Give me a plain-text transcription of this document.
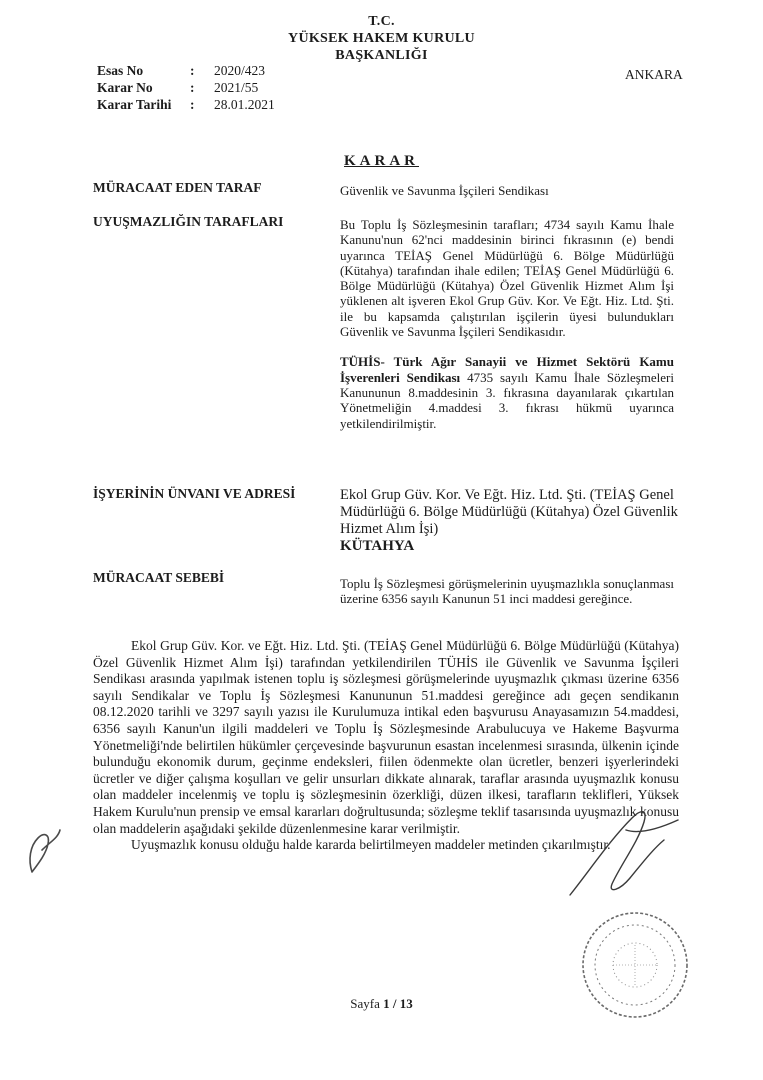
T.C.
YÜKSEK HAKEM KURULU
BAŞKANLIĞI
Esas No	: 2020/423
Karar No	: 2021/55
Karar Tarihi : 28.01.2021
ANKARA
KARAR
MÜRACAAT EDEN TARAF	Güvenlik ve Savunma İşçileri Sendikası
UYUŞMAZLIĞIN TARAFLARI	Bu Toplu İş Sözleşmesinin tarafları; 4734 sayılı Kamu İhale Kanunu'nun 62'nci maddesinin birinci fıkrasının (e) bendi uyarınca TEİAŞ Genel Müdürlüğü 6. Bölge Müdürlüğü (Kütahya) tarafından ihale edilen; TEİAŞ Genel Müdürlüğü 6. Bölge Müdürlüğü (Kütahya) Özel Güvenlik Hizmet Alım İşi yüklenen alt işveren Ekol Grup Güv. Kor. Ve Eğt. Hiz. Ltd. Şti. ile bu kapsamda çalıştırılan işçilerin üyesi bulundukları Güvenlik ve Savunma İşçileri Sendikasıdır.

TÜHİS- Türk Ağır Sanayii ve Hizmet Sektörü Kamu İşverenleri Sendikası 4735 sayılı Kamu İhale Sözleşmeleri Kanununun 8.maddesinin 3. fıkrasına dayanılarak çıkartılan Yönetmeliğin 4.maddesi 3. fıkrası hükmü uyarınca yetkilendirilmiştir.

İŞYERİNİN ÜNVANI VE ADRESİ	Ekol Grup Güv. Kor. Ve Eğt. Hiz. Ltd. Şti. (TEİAŞ Genel Müdürlüğü 6. Bölge Müdürlüğü (Kütahya) Özel Güvenlik Hizmet Alım İşi)
KÜTAHYA
MÜRACAAT SEBEBİ	Toplu İş Sözleşmesi görüşmelerinin uyuşmazlıkla sonuçlanması üzerine 6356 sayılı Kanunun 51 inci maddesi gereğince.

Ekol Grup Güv. Kor. ve Eğt. Hiz. Ltd. Şti. (TEİAŞ Genel Müdürlüğü 6. Bölge Müdürlüğü (Kütahya) Özel Güvenlik Hizmet Alım İşi) tarafından yetkilendirilen TÜHİS ile Güvenlik ve Savunma İşçileri Sendikası arasında yapılmak istenen toplu iş sözleşmesi görüşmelerinde uyuşmazlık çıkması üzerine 6356 sayılı Sendikalar ve Toplu İş Sözleşmesi Kanununun 51.maddesi gereğince adı geçen sendikanın 08.12.2020 tarihli ve 3297 sayılı yazısı ile Kurulumuza intikal eden başvurusu Anayasamızın 54.maddesi, 6356 sayılı Kanun'un ilgili maddeleri ve Toplu İş Sözleşmesinde Arabulucuya ve Hakeme Başvurma Yönetmeliği'nde belirtilen hükümler çerçevesinde başvurunun esastan incelenmesi sırasında, ülkenin içinde bulunduğu ekonomik durum, geçinme endeksleri, fiilen ödenmekte olan ücretler, benzeri işyerlerindeki ücretler ve diğer çalışma koşulları ve gelir unsurları dikkate alınarak, taraflar arasında uyuşmazlık konusu olan maddeler incelenmiş ve toplu iş sözleşmesinin özerkliği, düzen ilkesi, tarafların teklifleri, Yüksek Hakem Kurulu'nun prensip ve emsal kararları doğrultusunda; sözleşme teklif tasarısında uyuşmazlık konusu olan maddelerin aşağıdaki şekilde düzenlenmesine karar verilmiştir.

Uyuşmazlık konusu olduğu halde kararda belirtilmeyen maddeler metinden çıkarılmıştır.

Sayfa 1 / 13
